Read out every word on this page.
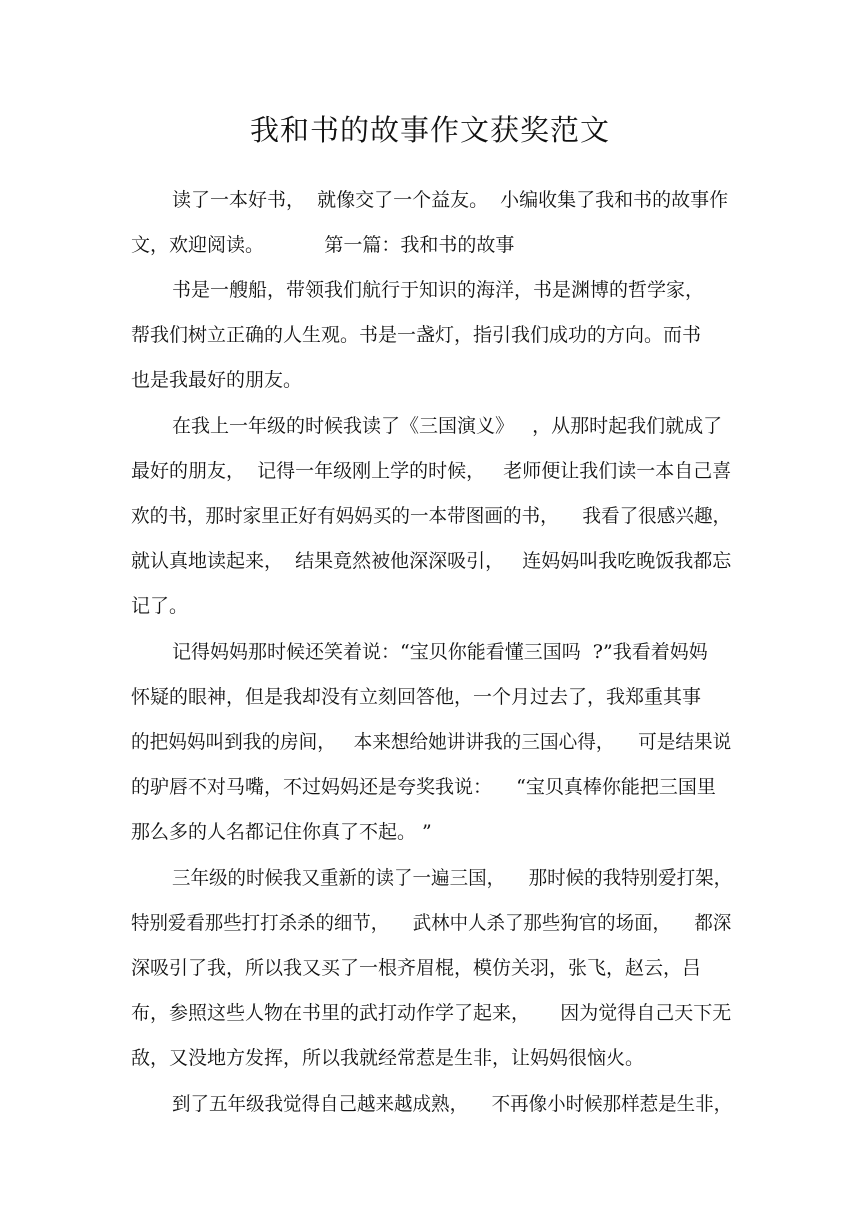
我和书的故事作文获奖范文
读了一本好书，  就像交了一个益友。  小编收集了我和书的故事作
文，欢迎阅读。          第一篇：我和书的故事
书是一艘船，带领我们航行于知识的海洋，书是渊博的哲学家，
帮我们树立正确的人生观。书是一盏灯，指引我们成功的方向。而书
也是我最好的朋友。
在我上一年级的时候我读了《三国演义》   ，从那时起我们就成了
最好的朋友，  记得一年级刚上学的时候，   老师便让我们读一本自己喜
欢的书，那时家里正好有妈妈买的一本带图画的书，    我看了很感兴趣，
就认真地读起来，  结果竟然被他深深吸引，   连妈妈叫我吃晚饭我都忘
记了。
记得妈妈那时候还笑着说：“宝贝你能看懂三国吗  ?”我看着妈妈
怀疑的眼神，但是我却没有立刻回答他，一个月过去了，我郑重其事
的把妈妈叫到我的房间，   本来想给她讲讲我的三国心得，    可是结果说
的驴唇不对马嘴，不过妈妈还是夸奖我说：    “宝贝真棒你能把三国里
那么多的人名都记住你真了不起。 ”
三年级的时候我又重新的读了一遍三国，    那时候的我特别爱打架，
特别爱看那些打打杀杀的细节，    武林中人杀了那些狗官的场面，    都深
深吸引了我，所以我又买了一根齐眉棍，模仿关羽，张飞，赵云，吕
布，参照这些人物在书里的武打动作学了起来，     因为觉得自己天下无
敌，又没地方发挥，所以我就经常惹是生非，让妈妈很恼火。
到了五年级我觉得自己越来越成熟，    不再像小时候那样惹是生非，
